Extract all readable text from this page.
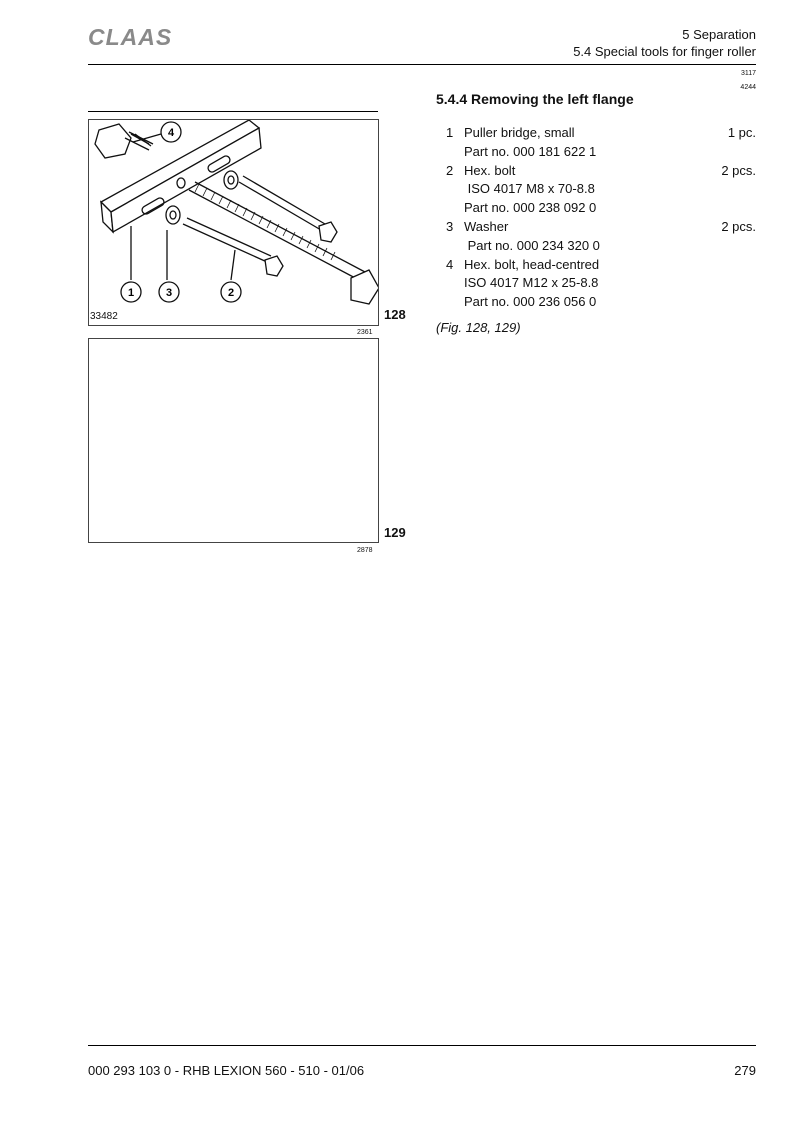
CLAAS	5 Separation
5.4 Special tools for finger roller
3117
4244
5.4.4 Removing the left flange
1	3	2
4
33482	128
2361
129
2878
1 Puller bridge, small	1 pc.
Part no. 000 181 622 1
2 Hex. bolt	2 pcs.
ISO 4017 M8 x 70-8.8
Part no. 000 238 092 0
3 Washer	2 pcs.
Part no. 000 234 320 0
4 Hex. bolt, head-centred
ISO 4017 M12 x 25-8.8
Part no. 000 236 056 0
(Fig. 128, 129)
000 293 103 0 - RHB LEXION 560 - 510 - 01/06	279
